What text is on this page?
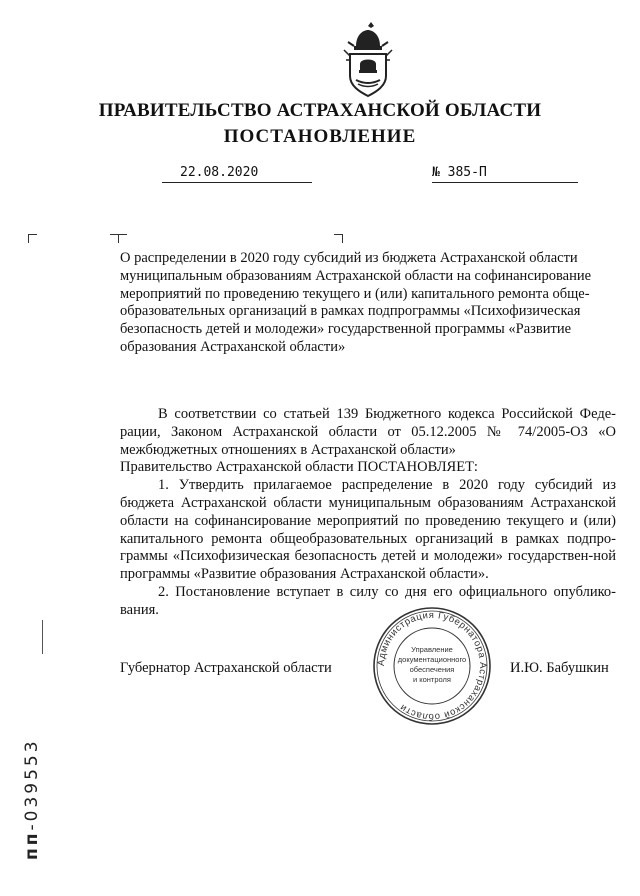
ПРАВИТЕЛЬСТВО АСТРАХАНСКОЙ ОБЛАСТИ
ПОСТАНОВЛЕНИЕ
22.08.2020	№ 385-П
О распределении в 2020 году субсидий из бюджета Астраханской области муниципальным образованиям Астраханской области на софинансирование мероприятий по проведению текущего и (или) капитального ремонта обще-образовательных организаций в рамках подпрограммы «Психофизическая безопасность детей и молодежи» государственной программы «Развитие образования Астраханской области»

В соответствии со статьей 139 Бюджетного кодекса Российской Феде-рации, Законом Астраханской области от 05.12.2005 № 74/2005-ОЗ «О межбюджетных отношениях в Астраханской области»

Правительство Астраханской области ПОСТАНОВЛЯЕТ:

1. Утвердить прилагаемое распределение в 2020 году субсидий из бюджета Астраханской области муниципальным образованиям Астраханской области на софинансирование мероприятий по проведению текущего и (или) капитального ремонта общеобразовательных организаций в рамках подпро-граммы «Психофизическая безопасность детей и молодежи» государствен-ной программы «Развитие образования Астраханской области».

2. Постановление вступает в силу со дня его официального опублико-вания.

Губернатор Астраханской области	И.Ю. Бабушкин
Администрация Губернатора Астраханской области
Управление
документационного
обеспечения
и контроля
пп-039553
